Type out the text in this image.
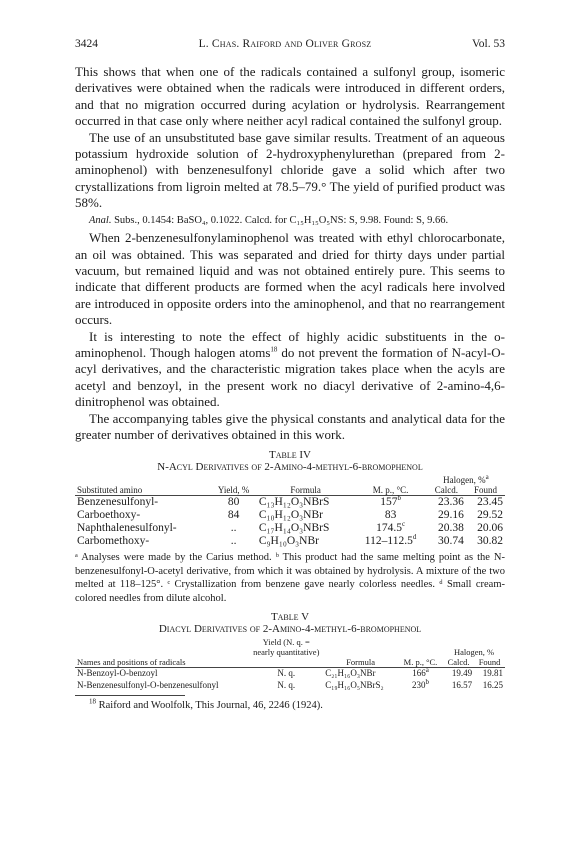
3424	L. Chas. Raiford and Oliver Grosz	Vol. 53

This shows that when one of the radicals contained a sulfonyl group, isomeric derivatives were obtained when the radicals were introduced in different orders, and that no migration occurred during acylation or hydrolysis. Rearrangement occurred in that case only where neither acyl radical contained the sulfonyl group.

The use of an unsubstituted base gave similar results. Treatment of an aqueous potassium hydroxide solution of 2-hydroxyphenylurethan (prepared from 2-aminophenol) with benzenesulfonyl chloride gave a solid which after two crystallizations from ligroin melted at 78.5–79.° The yield of purified product was 58%.

Anal. Subs., 0.1454: BaSO₄, 0.1022. Calcd. for C₁₅H₁₅O₅NS: S, 9.98. Found: S, 9.66.

When 2-benzenesulfonylaminophenol was treated with ethyl chlorocarbonate, an oil was obtained. This was separated and dried for thirty days under partial vacuum, but remained liquid and was not obtained entirely pure. This seems to indicate that different products are formed when the acyl radicals here involved are introduced in opposite orders into the aminophenol, and that no rearrangement occurs.

It is interesting to note the effect of highly acidic substituents in the o-aminophenol. Though halogen atoms$^{18}$ do not prevent the formation of N-acyl-O-acyl derivatives, and the characteristic migration takes place when the acyls are acetyl and benzoyl, in the present work no diacyl derivative of 2-amino-4,6-dinitrophenol was obtained.

The accompanying tables give the physical constants and analytical data for the greater number of derivatives obtained in this work.

Table IV
N-Acyl Derivatives of 2-Amino-4-methyl-6-bromophenol
				Halogen, %$^a$
Substituted amino	Yield, %	Formula	M. p., °C.	Calcd.	Found
Benzenesulfonyl-	80	C₁₃H₁₂O₃NBrS	157$^b$	23.36	23.45
Carboethoxy-	84	C₁₀H₁₂O₃NBr	83	29.16	29.52
Naphthalenesulfonyl-	..	C₁₇H₁₄O₃NBrS	174.5$^c$	20.38	20.06
Carbomethoxy-	..	C₉H₁₀O₃NBr	112–112.5$^d$	30.74	30.82
ᵃ Analyses were made by the Carius method. ᵇ This product had the same melting point as the N-benzenesulfonyl-O-acetyl derivative, from which it was obtained by hydrolysis. A mixture of the two melted at 118–125°. ᶜ Crystallization from benzene gave nearly colorless needles. ᵈ Small cream-colored needles from dilute alcohol.
Table V
Diacyl Derivatives of 2-Amino-4-methyl-6-bromophenol
	Yield (N. q. = nearly quantitative)			Halogen, %	
Names and positions of radicals		Formula	M. p., °C.	Calcd.	Found
N-Benzoyl-O-benzoyl	N. q.	C₂₁H₁₆O₃NBr	166$^a$	19.49	19.81
N-Benzenesulfonyl-O-benzenesulfonyl	N. q.	C₁₉H₁₆O₅NBrS₂	230$^b$	16.57	16.25
$^{18}$ Raiford and Woolfolk, This Journal, 46, 2246 (1924).
